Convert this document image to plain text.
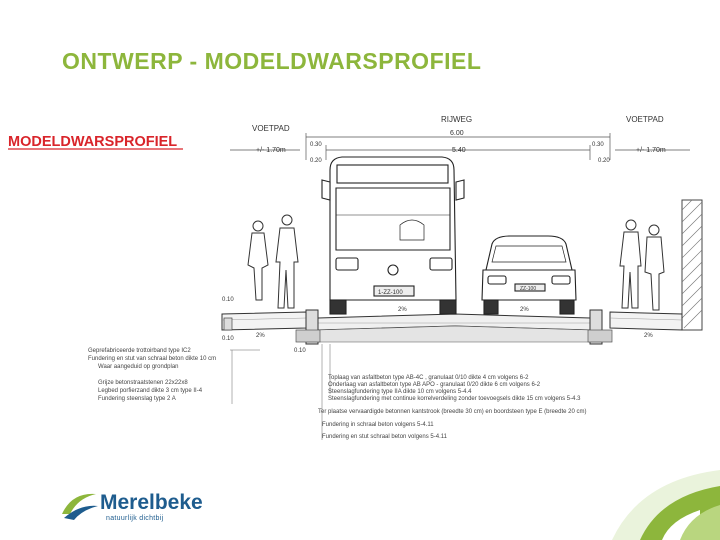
ONTWERP - MODELDWARSPROFIEL
MODELDWARSPROFIEL
VOETPAD
RIJWEG	VOETPAD
6.00
5.40
+/- 1.70m	+/- 1.70m
0.30
0.20
0.30
0.20
0.10
0.10
0.10
2%
2%	2%
2%
1-ZZ-100
ZZ-100
Geprefabriceerde trottoirband type IC2
Fundering en stut van schraal beton dikte 10 cm
Waar aangeduid op grondplan
Grijze betonstraatstenen 22x22x8
Legbed porfierzand dikte 3 cm type II-4
Fundering steenslag type 2 A
Toplaag van asfaltbeton type AB-4C , granulaat 0/10 dikte 4 cm volgens 6-2
Onderlaag van asfaltbeton type AB APO - granulaat 0/20 dikte 6 cm volgens 6-2
Steenslagfundering type IIA dikte 10 cm volgens 5-4.4
Steenslagfundering met continue korrelverdeling zonder toevoegsels dikte 15 cm volgens 5-4.3
Ter plaatse vervaardigde betonnen kantstrook (breedte 30 cm) en boordsteen type E (breedte 20 cm)
Fundering in schraal beton volgens 5-4.11
Fundering en stut schraal beton volgens 5-4.11
Merelbeke
natuurlijk dichtbij
